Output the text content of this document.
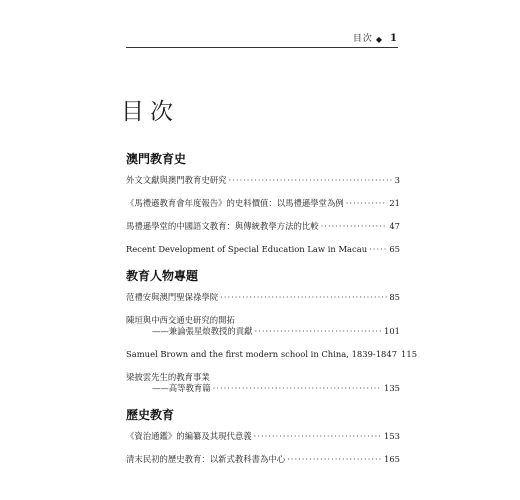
目次 ◆ 1
目次
澳門教育史
外文文獻與澳門教育史研究 ·····	3
《馬禮遜教育會年度報告》的史料價值：以馬禮遜學堂為例 ·····	21
馬禮遜學堂的中國語文教育：與傳統教學方法的比較 ·····	47
Recent Development of Special Education Law in Macau ·····	65
教育人物專題
范禮安與澳門聖保祿學院 ·····	85
陳垣與中西交通史研究的開拓
——兼論張星烺教授的貢獻 ·····	101
Samuel Brown and the first modern school in China, 1839-1847 115
梁披雲先生的教育事業
——高等教育篇 ·····	135
歷史教育
《資治通鑑》的編纂及其現代意義 ·····	153
清末民初的歷史教育：以新式教科書為中心 ·····	165
